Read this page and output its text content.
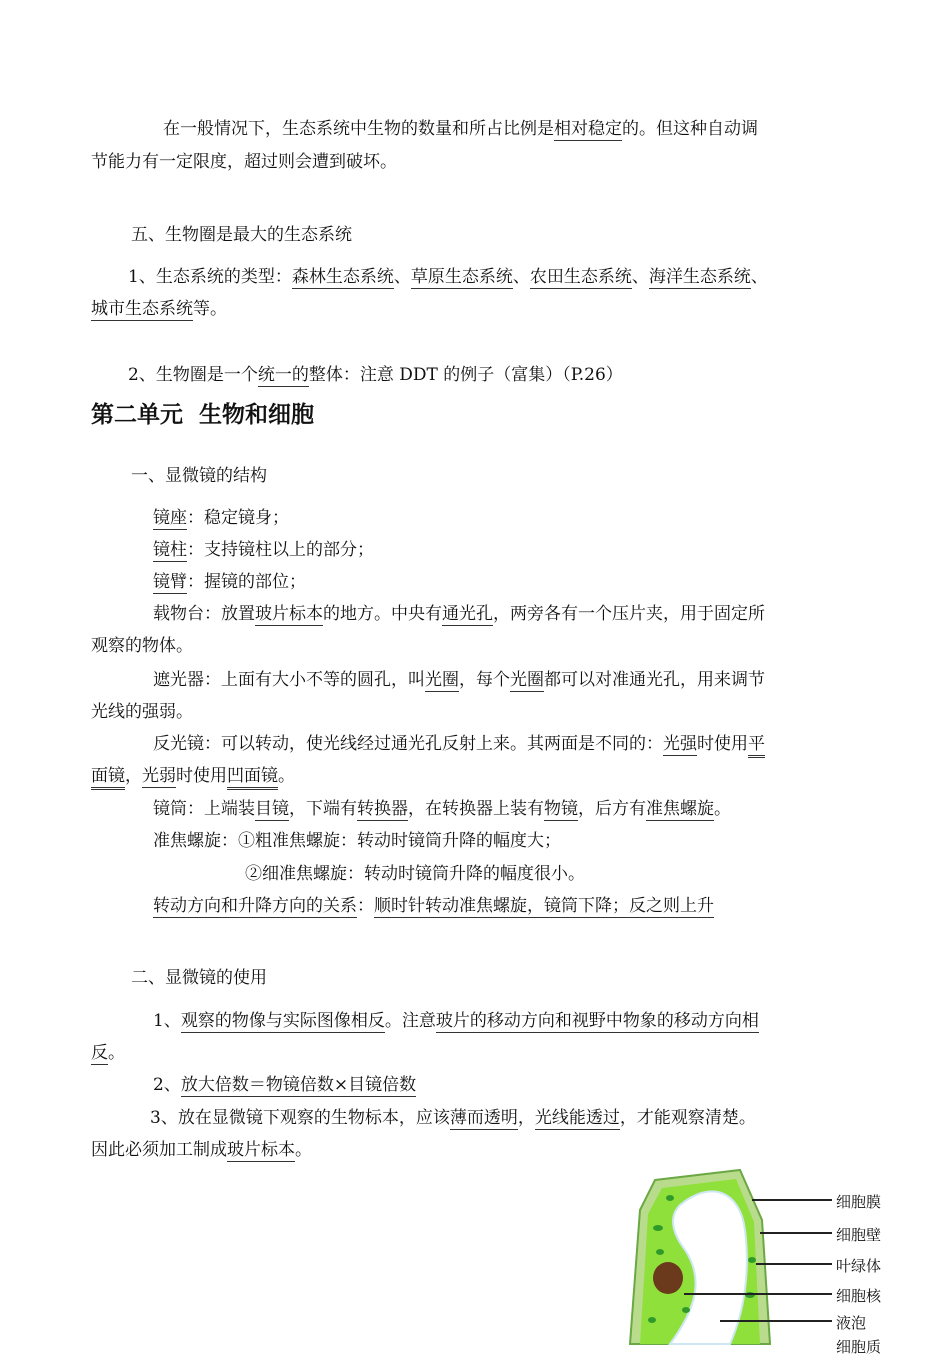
在一般情况下，生态系统中生物的数量和所占比例是相对稳定的。但这种自动调
节能力有一定限度，超过则会遭到破坏。
五、生物圈是最大的生态系统
1、生态系统的类型：森林生态系统、草原生态系统、农田生态系统、海洋生态系统、
城市生态系统等。
2、生物圈是一个统一的整体：注意 DDT 的例子（富集）（P.26）
第二单元  生物和细胞
一、显微镜的结构
镜座：稳定镜身；
镜柱：支持镜柱以上的部分；
镜臂：握镜的部位；
载物台：放置玻片标本的地方。中央有通光孔，两旁各有一个压片夹，用于固定所
观察的物体。
遮光器：上面有大小不等的圆孔，叫光圈，每个光圈都可以对准通光孔，用来调节
光线的强弱。
反光镜：可以转动，使光线经过通光孔反射上来。其两面是不同的：光强时使用平
面镜，光弱时使用凹面镜。
镜筒：上端装目镜，下端有转换器，在转换器上装有物镜，后方有准焦螺旋。
准焦螺旋：①粗准焦螺旋：转动时镜筒升降的幅度大；
②细准焦螺旋：转动时镜筒升降的幅度很小。
转动方向和升降方向的关系：顺时针转动准焦螺旋，镜筒下降；反之则上升
二、显微镜的使用
1、观察的物像与实际图像相反。注意玻片的移动方向和视野中物象的移动方向相
反。
2、放大倍数＝物镜倍数×目镜倍数
3、放在显微镜下观察的生物标本，应该薄而透明，光线能透过，才能观察清楚。
因此必须加工制成玻片标本。
细胞膜
细胞壁
叶绿体
细胞核
液泡
细胞质
